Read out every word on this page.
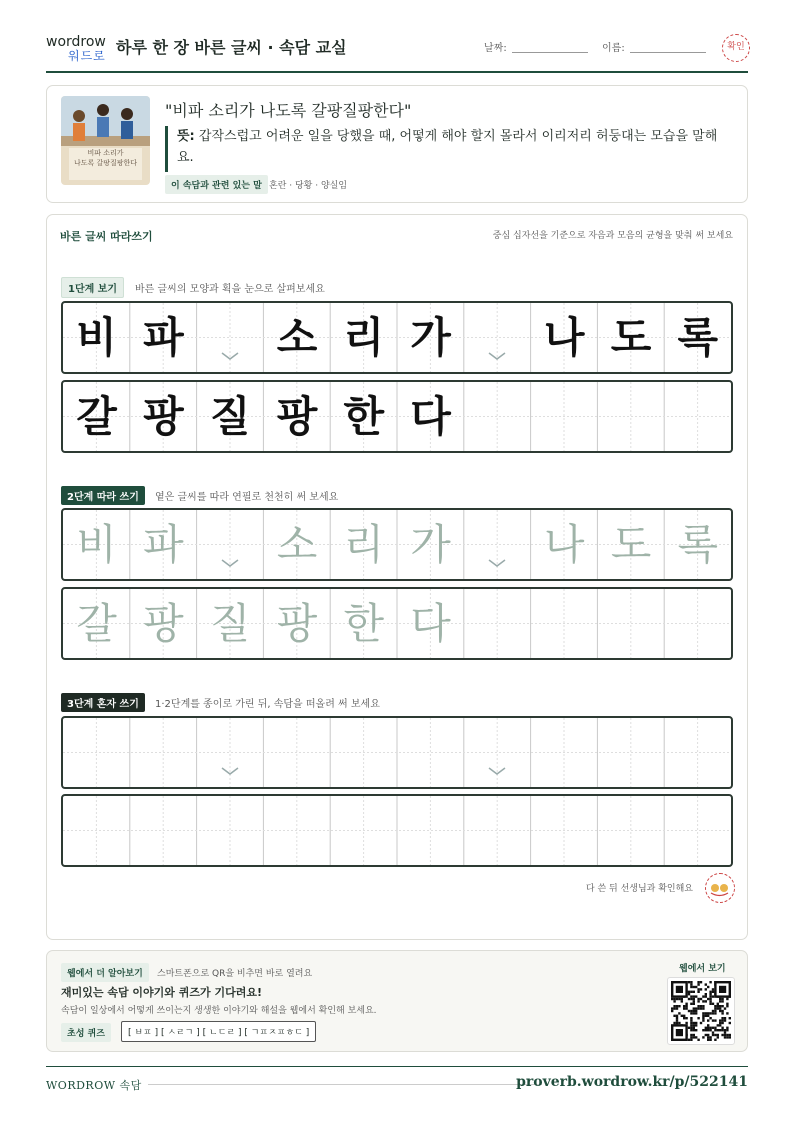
wordrow
워드로 하루 한 장 바른 글씨 · 속담 교실	날짜:	이름:	확인
비파 소리가
나도록 갈팡질팡한다
"비파 소리가 나도록 갈팡질팡한다"
뜻: 갑작스럽고 어려운 일을 당했을 때, 어떻게 해야 할지 몰라서 이리저리 허둥대는 모습을 말해요.
이 속담과 관련 있는 말 혼란 · 당황 · 양실임
바른 글씨 따라쓰기	중심 십자선을 기준으로 자음과 모음의 균형을 맞춰 써 보세요
1단계 보기	바른 글씨의 모양과 획을 눈으로 살펴보세요
비 파	소 리 가	나 도 록
갈 팡 질 팡 한 다
2단계 따라 쓰기	옅은 글씨를 따라 연필로 천천히 써 보세요
비 파	소 리 가	나 도 록
갈 팡 질 팡 한 다
3단계 혼자 쓰기	1·2단계를 종이로 가린 뒤, 속담을 떠올려 써 보세요
다 쓴 뒤 선생님과 확인해요
웹에서 더 알아보기	스마트폰으로 QR을 비추면 바로 열려요
재미있는 속담 이야기와 퀴즈가 기다려요!
속담이 일상에서 어떻게 쓰이는지 생생한 이야기와 해설을 웹에서 확인해 보세요.
초성 퀴즈	[ ㅂㅍ ] [ ㅅㄹㄱ ] [ ㄴㄷㄹ ] [ ㄱㅍㅈㅍㅎㄷ ]
웹에서 보기
WORDROW 속담	proverb.wordrow.kr/p/522141
